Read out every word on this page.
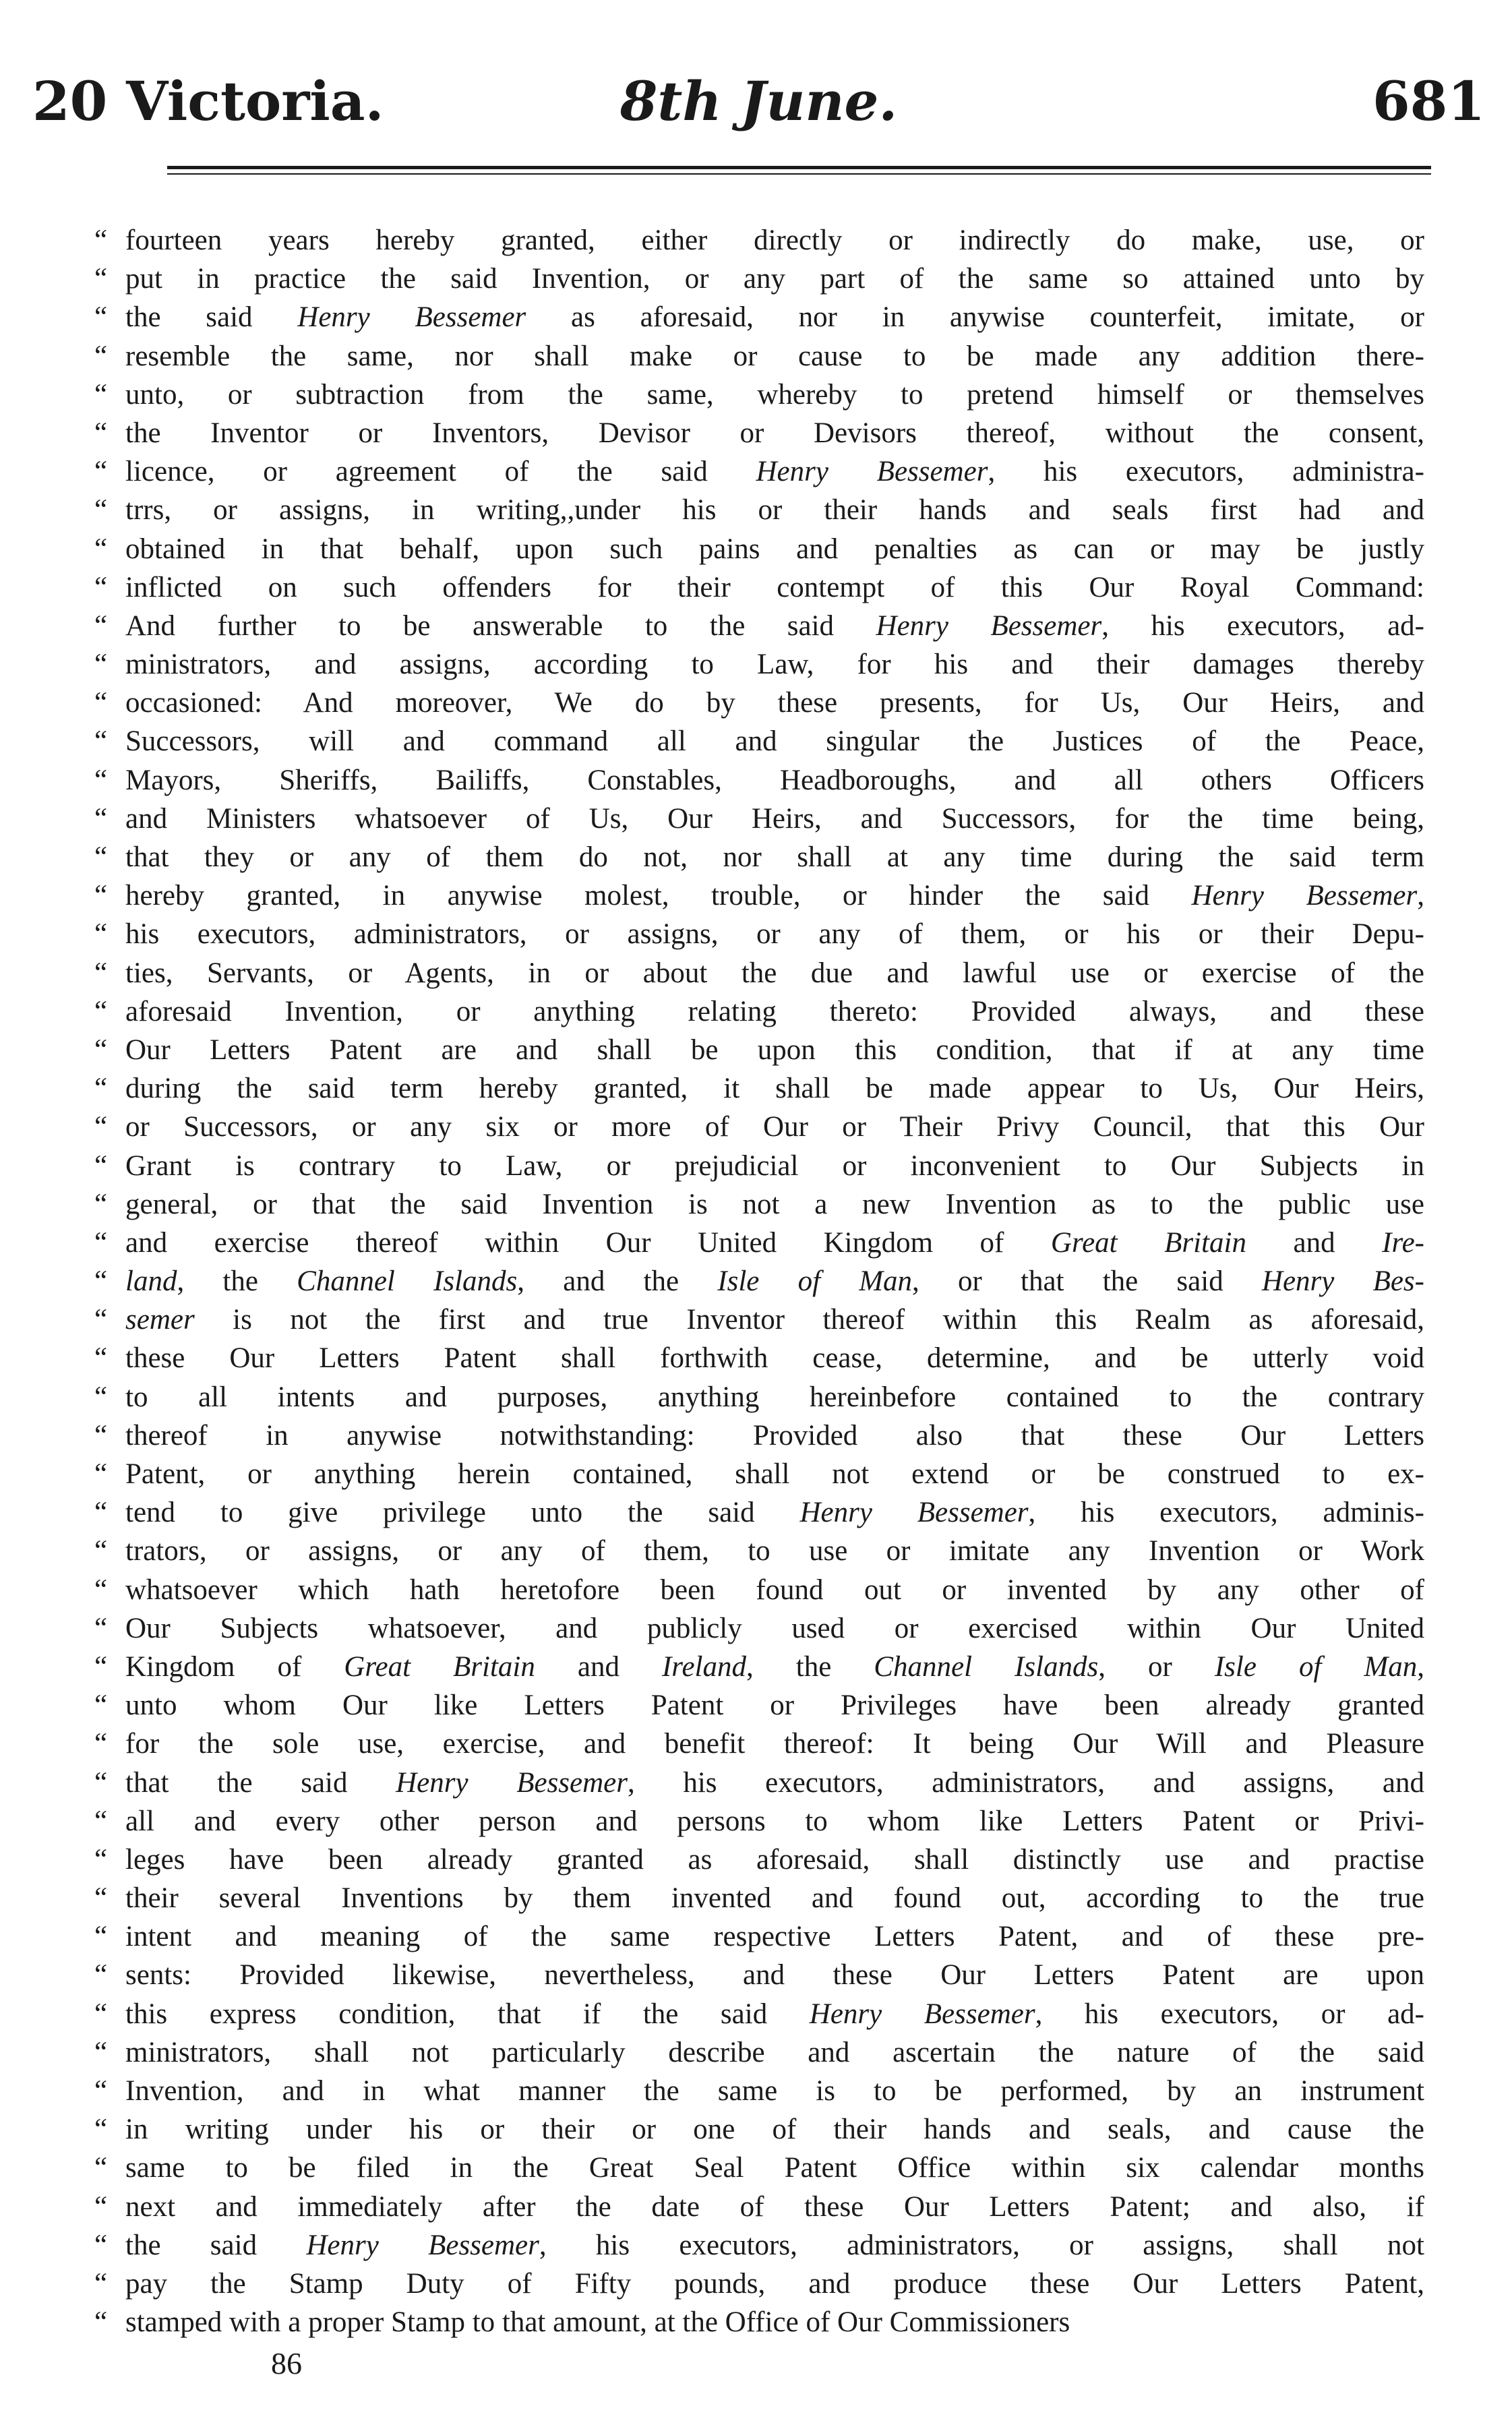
20 Victoria.	8th June.	681
“ fourteen years hereby granted, either directly or indirectly do make, use, or
“ put in practice the said Invention, or any part of the same so attained unto by
“ the said Henry Bessemer as aforesaid, nor in anywise counterfeit, imitate, or
“ resemble the same, nor shall make or cause to be made any addition there-
“ unto, or subtraction from the same, whereby to pretend himself or themselves
“ the Inventor or Inventors, Devisor or Devisors thereof, without the consent,
“ licence, or agreement of the said Henry Bessemer, his executors, administra-
“ trrs, or assigns, in writing,,under his or their hands and seals first had and
“ obtained in that behalf, upon such pains and penalties as can or may be justly
“ inflicted on such offenders for their contempt of this Our Royal Command:
“ And further to be answerable to the said Henry Bessemer, his executors, ad-
“ ministrators, and assigns, according to Law, for his and their damages thereby
“ occasioned: And moreover, We do by these presents, for Us, Our Heirs, and
“ Successors, will and command all and singular the Justices of the Peace,
“ Mayors, Sheriffs, Bailiffs, Constables, Headboroughs, and all others Officers
“ and Ministers whatsoever of Us, Our Heirs, and Successors, for the time being,
“ that they or any of them do not, nor shall at any time during the said term
“ hereby granted, in anywise molest, trouble, or hinder the said Henry Bessemer,
“ his executors, administrators, or assigns, or any of them, or his or their Depu-
“ ties, Servants, or Agents, in or about the due and lawful use or exercise of the
“ aforesaid Invention, or anything relating thereto: Provided always, and these
“ Our Letters Patent are and shall be upon this condition, that if at any time
“ during the said term hereby granted, it shall be made appear to Us, Our Heirs,
“ or Successors, or any six or more of Our or Their Privy Council, that this Our
“ Grant is contrary to Law, or prejudicial or inconvenient to Our Subjects in
“ general, or that the said Invention is not a new Invention as to the public use
“ and exercise thereof within Our United Kingdom of Great Britain and Ire-
“ land, the Channel Islands, and the Isle of Man, or that the said Henry Bes-
“ semer is not the first and true Inventor thereof within this Realm as aforesaid,
“ these Our Letters Patent shall forthwith cease, determine, and be utterly void
“ to all intents and purposes, anything hereinbefore contained to the contrary
“ thereof in anywise notwithstanding: Provided also that these Our Letters
“ Patent, or anything herein contained, shall not extend or be construed to ex-
“ tend to give privilege unto the said Henry Bessemer, his executors, adminis-
“ trators, or assigns, or any of them, to use or imitate any Invention or Work
“ whatsoever which hath heretofore been found out or invented by any other of
“ Our Subjects whatsoever, and publicly used or exercised within Our United
“ Kingdom of Great Britain and Ireland, the Channel Islands, or Isle of Man,
“ unto whom Our like Letters Patent or Privileges have been already granted
“ for the sole use, exercise, and benefit thereof: It being Our Will and Pleasure
“ that the said Henry Bessemer, his executors, administrators, and assigns, and
“ all and every other person and persons to whom like Letters Patent or Privi-
“ leges have been already granted as aforesaid, shall distinctly use and practise
“ their several Inventions by them invented and found out, according to the true
“ intent and meaning of the same respective Letters Patent, and of these pre-
“ sents: Provided likewise, nevertheless, and these Our Letters Patent are upon
“ this express condition, that if the said Henry Bessemer, his executors, or ad-
“ ministrators, shall not particularly describe and ascertain the nature of the said
“ Invention, and in what manner the same is to be performed, by an instrument
“ in writing under his or their or one of their hands and seals, and cause the
“ same to be filed in the Great Seal Patent Office within six calendar months
“ next and immediately after the date of these Our Letters Patent; and also, if
“ the said Henry Bessemer, his executors, administrators, or assigns, shall not
“ pay the Stamp Duty of Fifty pounds, and produce these Our Letters Patent,
“ stamped with a proper Stamp to that amount, at the Office of Our Commissioners
86
